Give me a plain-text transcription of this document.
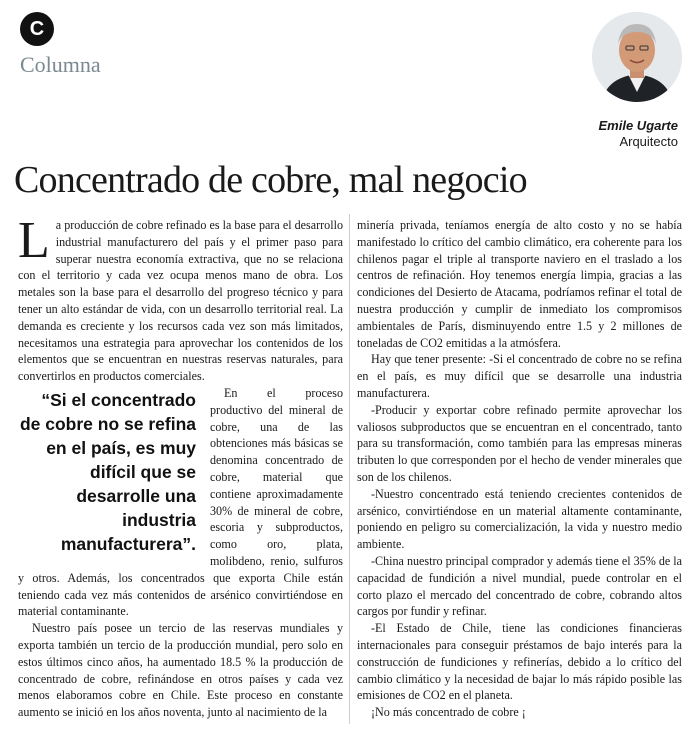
C
Columna
Emile Ugarte
Arquitecto
Concentrado de cobre, mal negocio

La producción de cobre refinado es la base para el desarrollo industrial manufacturero del país y el primer paso para superar nuestra economía extractiva, que no se relaciona con el territorio y cada vez ocupa menos mano de obra. Los metales son la base para el desarrollo del progreso técnico y para tener un alto estándar de vida, con un desarrollo territorial real. La demanda es creciente y los recursos cada vez son más limitados, necesitamos una estrategia para aprovechar los contenidos de los elementos que se encuentran en nuestras reservas naturales, para convertirlos en productos comerciales.

“Si el concentrado de cobre no se refina en el país, es muy difícil que se desarrolle una industria manufacturera”.
En el proceso productivo del mineral de cobre, una de las obtenciones más básicas se denomina concentrado de cobre, material que contiene aproximadamente 30% de mineral de cobre, escoria y subproductos, como oro, plata, molibdeno, renio, sulfuros y otros. Además, los concentrados que exporta Chile están teniendo cada vez más contenidos de arsénico convirtiéndose en material contaminante.

Nuestro país posee un tercio de las reservas mundiales y exporta también un tercio de la producción mundial, pero solo en estos últimos cinco años, ha aumentado 18.5 % la producción de concentrado de cobre, refinándose en otros países y cada vez menos elaboramos cobre en Chile. Este proceso en constante aumento se inició en los años noventa, junto al nacimiento de la

minería privada, teníamos energía de alto costo y no se había manifestado lo crítico del cambio climático, era coherente para los chilenos pagar el triple al transporte naviero en el traslado a los centros de refinación. Hoy tenemos energía limpia, gracias a las condiciones del Desierto de Atacama, podríamos refinar el total de nuestra producción y cumplir de inmediato los compromisos ambientales de París, disminuyendo entre 1.5 y 2 millones de toneladas de CO2 emitidas a la atmósfera.

Hay que tener presente: -Si el concentrado de cobre no se refina en el país, es muy difícil que se desarrolle una industria manufacturera.

-Producir y exportar cobre refinado permite aprovechar los valiosos subproductos que se encuentran en el concentrado, tanto para su transformación, como también para las empresas mineras tributen lo que corresponden por el hecho de vender minerales que son de los chilenos.

-Nuestro concentrado está teniendo crecientes contenidos de arsénico, convirtiéndose en un material altamente contaminante, poniendo en peligro su comercialización, la vida y nuestro medio ambiente.

-China nuestro principal comprador y además tiene el 35% de la capacidad de fundición a nivel mundial, puede controlar en el corto plazo el mercado del concentrado de cobre, cobrando altos cargos por fundir y refinar.

-El Estado de Chile, tiene las condiciones financieras internacionales para conseguir préstamos de bajo interés para la construcción de fundiciones y refinerías, debido a lo crítico del cambio climático y la necesidad de bajar lo más rápido posible las emisiones de CO2 en el planeta.

¡No más concentrado de cobre ¡
